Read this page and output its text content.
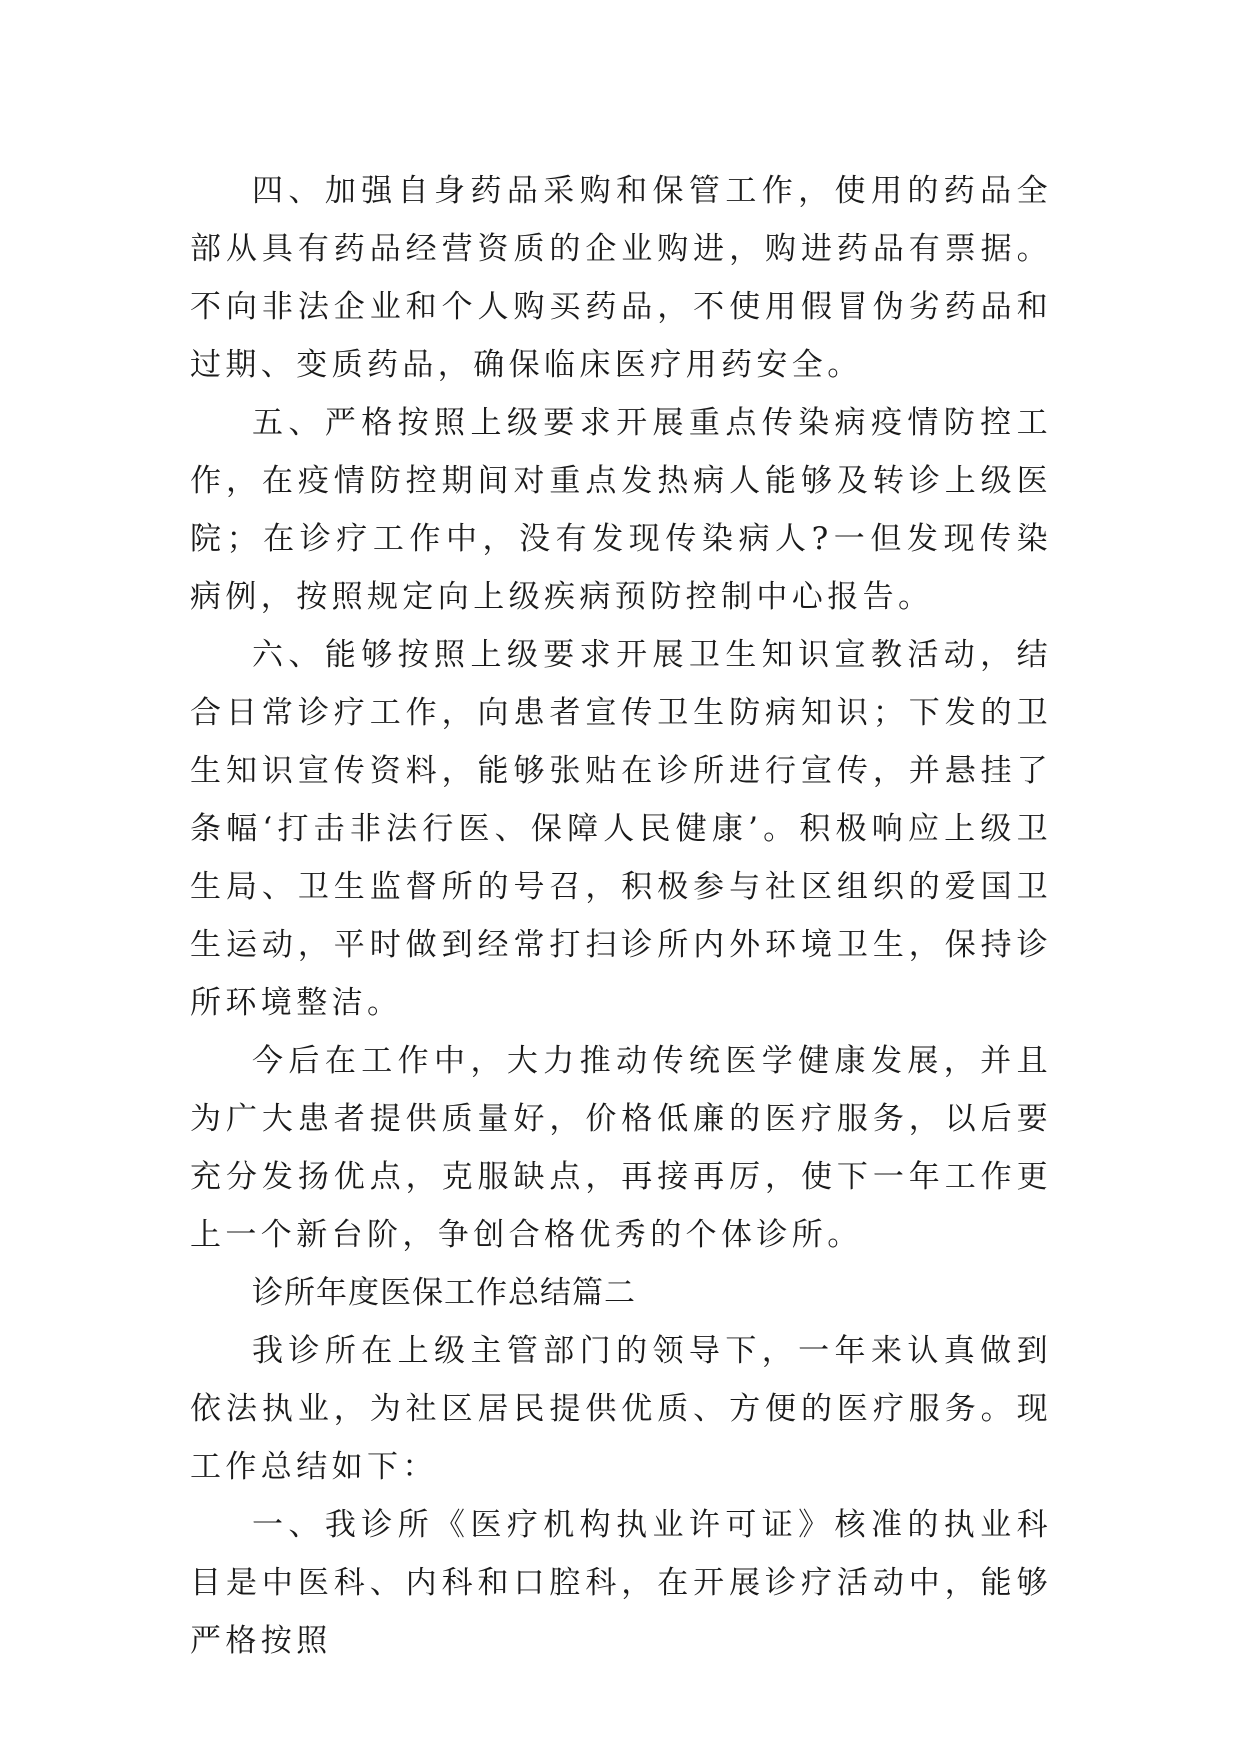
四、加强自身药品采购和保管工作，使用的药品全部从具有药品经营资质的企业购进，购进药品有票据。不向非法企业和个人购买药品，不使用假冒伪劣药品和过期、变质药品，确保临床医疗用药安全。

五、严格按照上级要求开展重点传染病疫情防控工作，在疫情防控期间对重点发热病人能够及转诊上级医院；在诊疗工作中，没有发现传染病人?一但发现传染病例，按照规定向上级疾病预防控制中心报告。

六、能够按照上级要求开展卫生知识宣教活动，结合日常诊疗工作，向患者宣传卫生防病知识；下发的卫生知识宣传资料，能够张贴在诊所进行宣传，并悬挂了条幅‘打击非法行医、保障人民健康’。积极响应上级卫生局、卫生监督所的号召，积极参与社区组织的爱国卫生运动，平时做到经常打扫诊所内外环境卫生，保持诊所环境整洁。

今后在工作中，大力推动传统医学健康发展，并且为广大患者提供质量好，价格低廉的医疗服务，以后要充分发扬优点，克服缺点，再接再厉，使下一年工作更上一个新台阶，争创合格优秀的个体诊所。

诊所年度医保工作总结篇二

我诊所在上级主管部门的领导下，一年来认真做到依法执业，为社区居民提供优质、方便的医疗服务。现工作总结如下：

一、我诊所《医疗机构执业许可证》核准的执业科目是中医科、内科和口腔科，在开展诊疗活动中，能够严格按照
